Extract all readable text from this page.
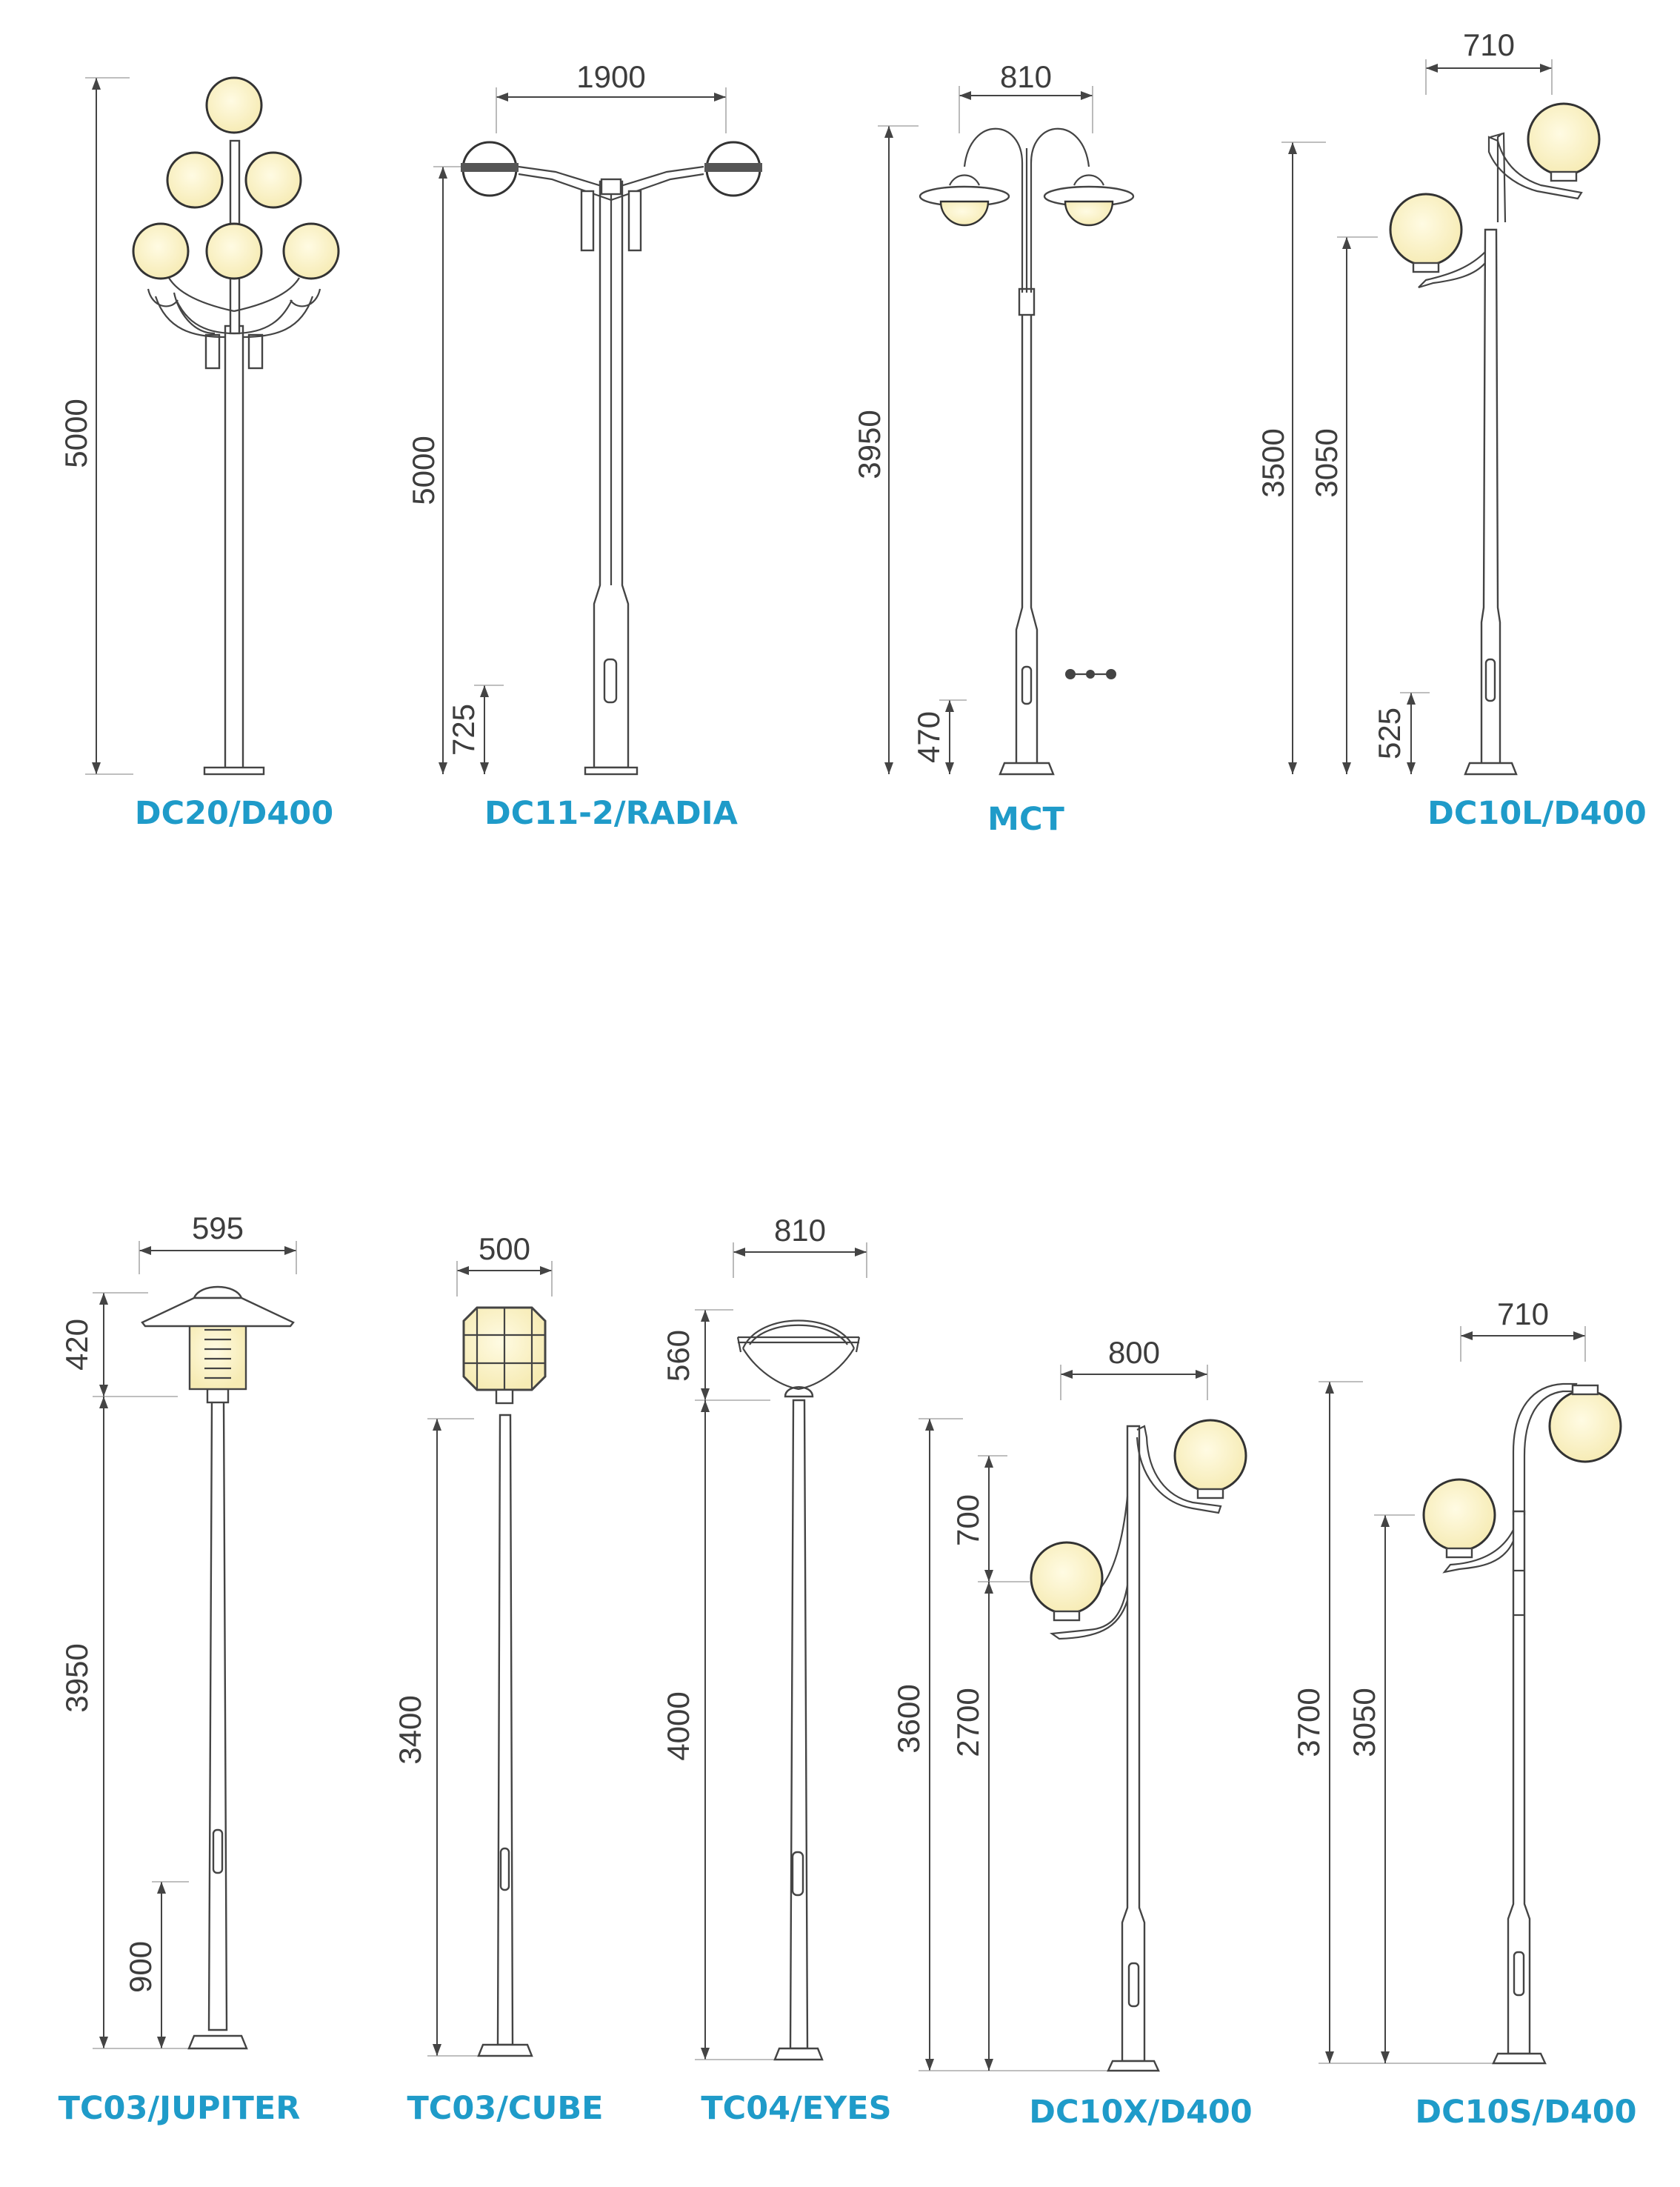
5000
DC20/D400
1900
5000
725
DC11-2/RADIA
810
3950
470
MCT
710
3500 3050
525
DC10L/D400
595
420
3950
900
TC03/JUPITER
500
3400
TC03/CUBE
810
560
4000
TC04/EYES
800
3600
700
2700
DC10X/D400
710
3700 3050
DC10S/D400
